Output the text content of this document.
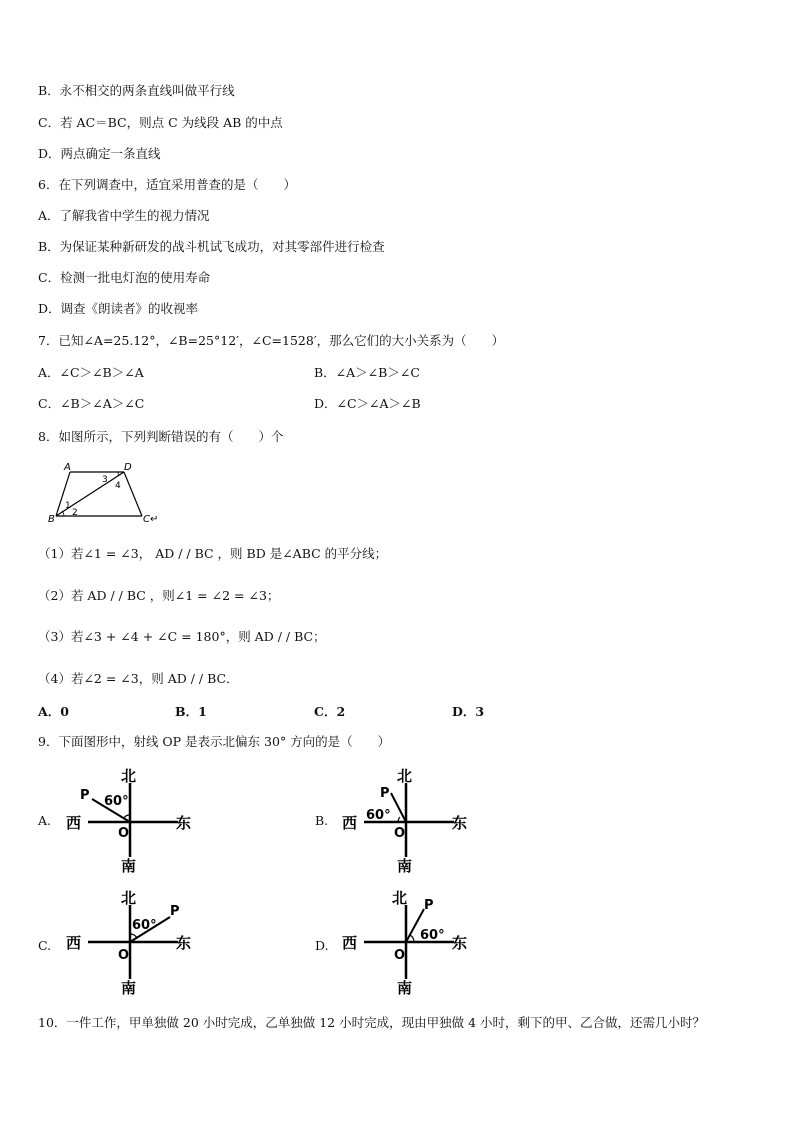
B．永不相交的两条直线叫做平行线
C．若 AC＝BC，则点 C 为线段 AB 的中点
D．两点确定一条直线
6．在下列调查中，适宜采用普查的是（　　）
A．了解我省中学生的视力情况
B．为保证某种新研发的战斗机试飞成功，对其零部件进行检查
C．检测一批电灯泡的使用寿命
D．调查《朗读者》的收视率
7．已知∠A=25.12°，∠B=25°12′，∠C=1528′，那么它们的大小关系为（　　）
A．∠C＞∠B＞∠A	B．∠A＞∠B＞∠C
C．∠B＞∠A＞∠C	D．∠C＞∠A＞∠B
8．如图所示，下列判断错误的有（　　）个
A	D
B	C↵
1
2
3
4
（1）若∠1 = ∠3， AD / / BC ，则 BD 是∠ABC 的平分线；
（2）若 AD / / BC ，则∠1 = ∠2 = ∠3；
（3）若∠3 + ∠4 + ∠C = 180°，则 AD / / BC；
（4）若∠2 = ∠3，则 AD / / BC．
A．0	B．1	C．2	D．3
9．下面图形中，射线 OP 是表示北偏东 30° 方向的是（　　）
A.
北
南
西	东
O
P 60°
B.
北
南
西	东
O
P
60°
C.
北
南
西	东
O
P
60°
D.
北
南
西	东
O
P
60°
10．一件工作，甲单独做 20 小时完成，乙单独做 12 小时完成，现由甲独做 4 小时，剩下的甲、乙合做，还需几小时？
